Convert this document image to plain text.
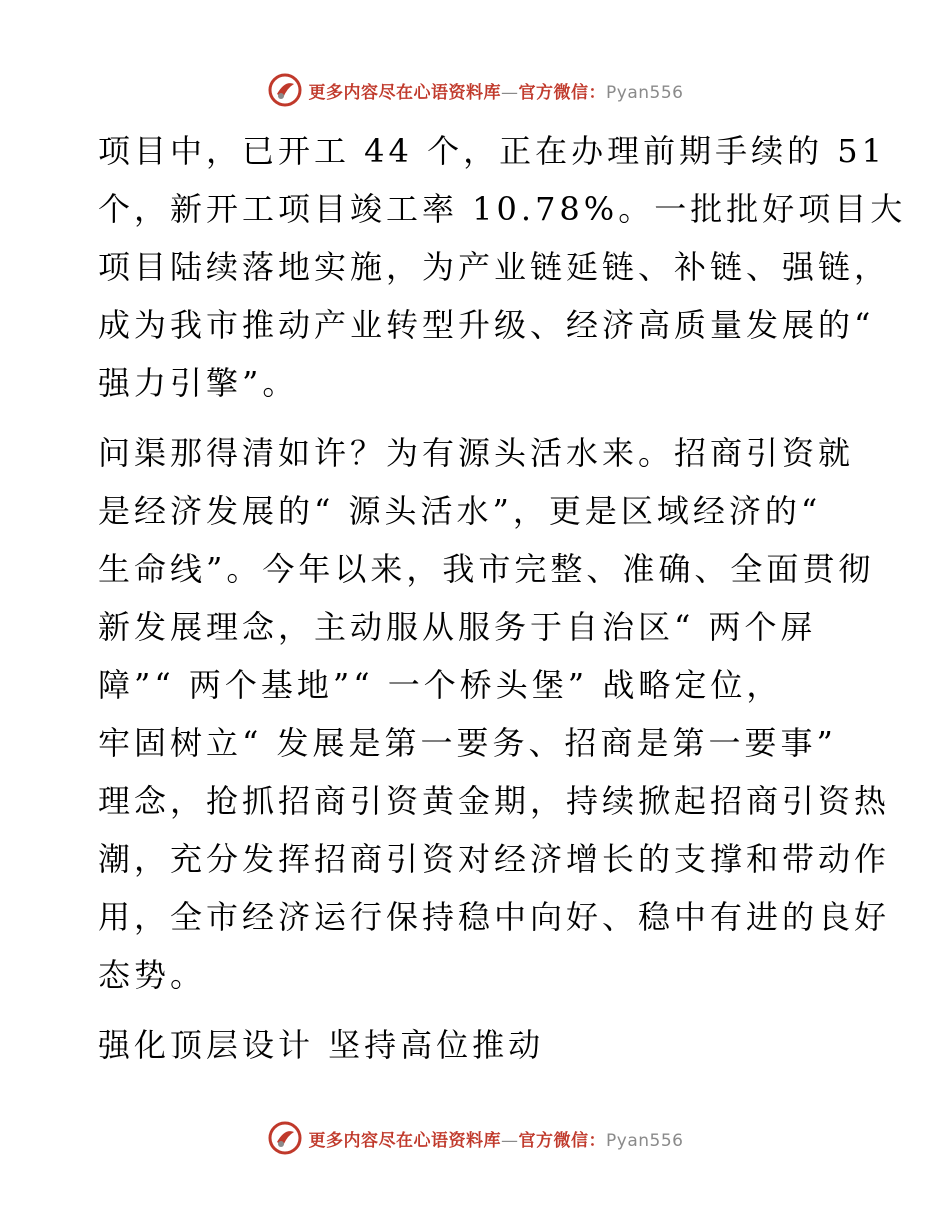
更多内容尽在心语资料库—官方微信：Pyan556
项目中，已开工 44 个，正在办理前期手续的 51
个，新开工项目竣工率 10.78%。一批批好项目大
项目陆续落地实施，为产业链延链、补链、强链，
成为我市推动产业转型升级、经济高质量发展的“
强力引擎”。
问渠那得清如许？为有源头活水来。招商引资就
是经济发展的“ 源头活水”，更是区域经济的“
生命线”。今年以来，我市完整、准确、全面贯彻
新发展理念，主动服从服务于自治区“ 两个屏
障”“ 两个基地”“ 一个桥头堡” 战略定位，
牢固树立“ 发展是第一要务、招商是第一要事”
理念，抢抓招商引资黄金期，持续掀起招商引资热
潮，充分发挥招商引资对经济增长的支撑和带动作
用，全市经济运行保持稳中向好、稳中有进的良好
态势。
强化顶层设计 坚持高位推动
更多内容尽在心语资料库—官方微信：Pyan556
